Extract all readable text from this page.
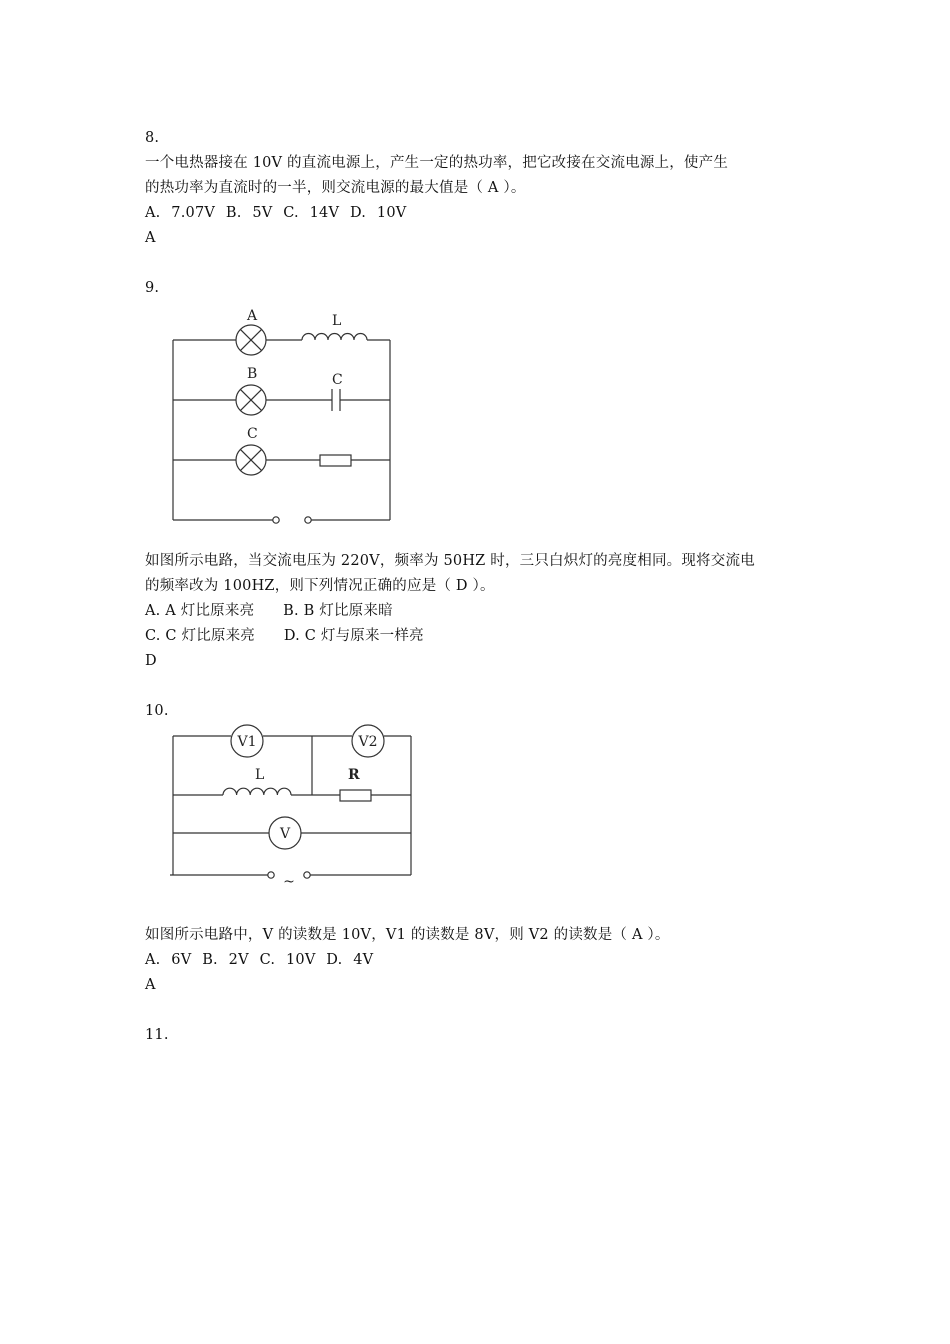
8.

一个电热器接在 10V 的直流电源上，产生一定的热功率，把它改接在交流电源上，使产生

的热功率为直流时的一半，则交流电源的最大值是（ A ）。

A. 7.07V B. 5V C. 14V D. 10V

A

9.

A	L
B	C
C

如图所示电路，当交流电压为 220V，频率为 50HZ 时，三只白炽灯的亮度相同。现将交流电

的频率改为 100HZ，则下列情况正确的应是（ D ）。

A. A 灯比原来亮      B. B 灯比原来暗

C. C 灯比原来亮      D. C 灯与原来一样亮

D

10.

V1	V2
L	R
V
~

如图所示电路中，V 的读数是 10V，V1 的读数是 8V，则 V2 的读数是（ A ）。

A. 6V B. 2V C. 10V D. 4V

A

11.
